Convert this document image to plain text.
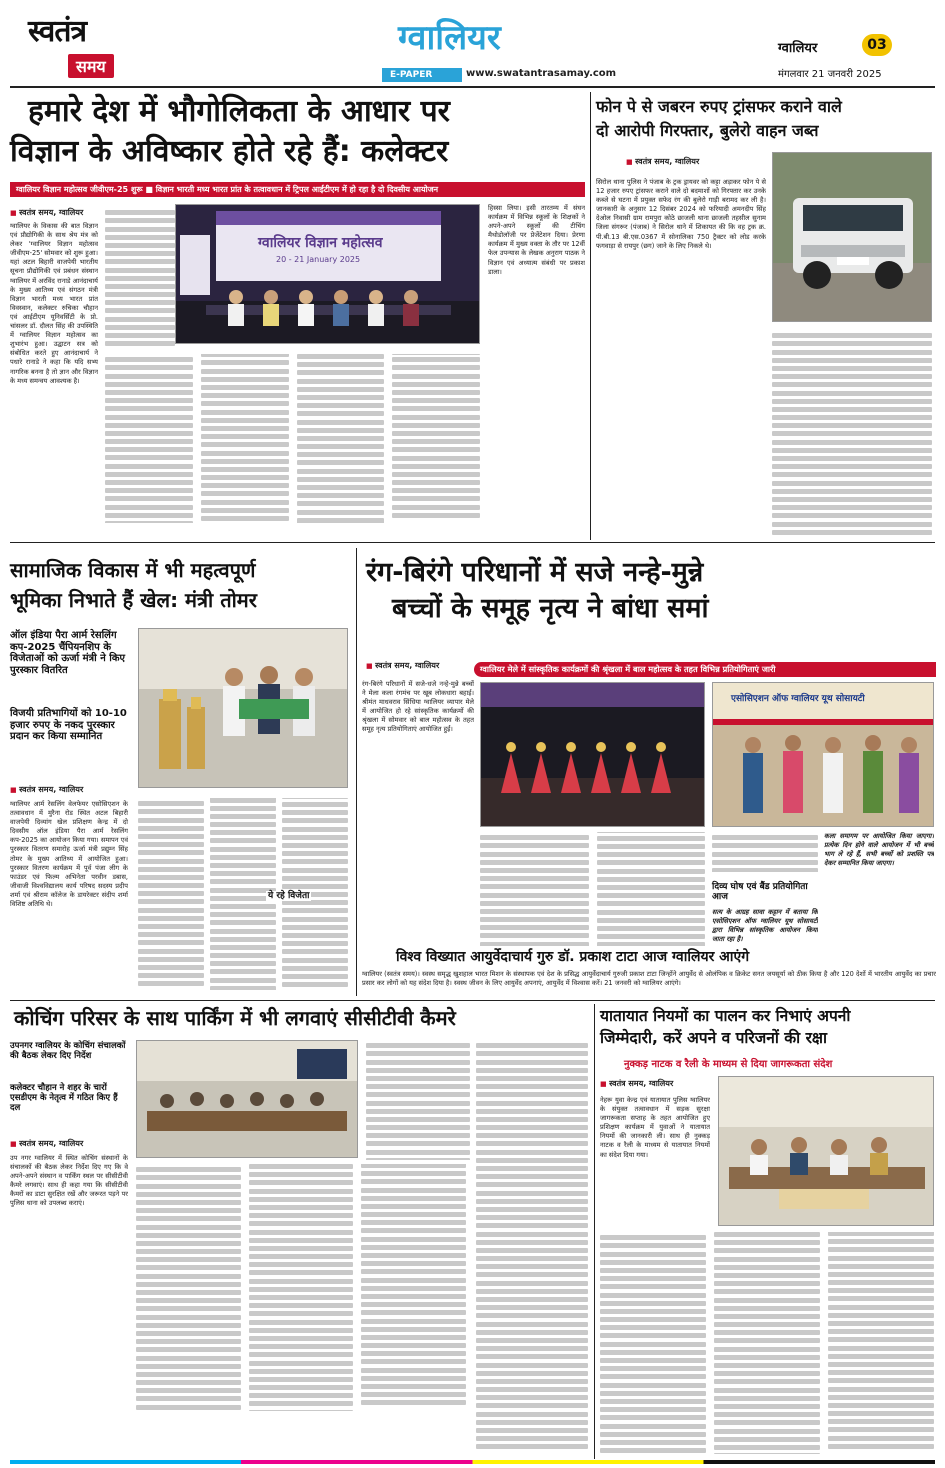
स्वतंत्र
समय
ग्वालियर
E-PAPER	www.swatantrasamay.com
ग्वालियर	03
मंगलवार 21 जनवरी 2025
हमारे देश में भौगोलिकता के आधार पर
विज्ञान के अविष्कार होते रहे हैं: कलेक्टर
ग्वालियर विज्ञान महोत्सव जीवीएम-25 शुरू ■ विज्ञान भारती मध्य भारत प्रांत के तत्वावधान में ट्रिपल आईटीएम में हो रहा है दो दिवसीय आयोजन
■ स्वतंत्र समय, ग्वालियर
ग्वालियर के विकास की बात विज्ञान एवं प्रौद्योगिकी के साथ श्रेय मंत्र को लेकर 'ग्वालियर विज्ञान महोत्सव जीवीएम-25' सोमवार को शुरू हुआ। यहां अटल बिहारी वाजपेयी भारतीय सूचना प्रौद्योगिकी एवं प्रबंधन संस्थान ग्वालियर में अरविंद रानाडे आनंदाचार्य के मुख्य आतिथ्य एवं संगठन मंत्री विज्ञान भारती मध्य भारत प्रांत विवस्वान, कलेक्टर रुचिका चौहान एवं आईटीएम यूनिवर्सिटी के प्रो. चांसलर डॉ. दौलत सिंह की उपस्थिति में ग्वालियर विज्ञान महोत्सव का शुभारंभ हुआ। उद्घाटन सत्र को संबोधित करते हुए आनंदाचार्य ने पधारे रानाडे ने कहा कि यदि सभ्य नागरिक बनना है तो ज्ञान और विज्ञान के मध्य समन्वय आवश्यक है।
ग्वालियर विज्ञान महोत्सव
20 - 21 January 2025
हिस्सा लिया। इसी तारतम्य में संघन कार्यक्रम में विभिन्न स्कूलों के शिक्षकों ने अपने-अपने स्कूलों की टीचिंग मैथोडोलॉजी पर प्रेजेंटेशन दिया। प्रेरणा कार्यक्रम में मुख्य वक्ता के तौर पर 12वीं फेल उपन्यास के लेखक अनुराग पाठक ने विज्ञान एवं अध्यात्म संबंधी पर प्रकाश डाला।
फोन पे से जबरन रुपए ट्रांसफर कराने वाले
दो आरोपी गिरफ्तार, बुलेरो वाहन जब्त
■ स्वतंत्र समय, ग्वालियर
सिरोल थाना पुलिस ने पंजाब के ट्रक ड्रायवर को कट्टा अड़ाकर फोन पे से 12 हजार रुपए ट्रांसफर कराने वाले दो बदमाशों को गिरफ्तार कर उनके कब्जे से घटना में प्रयुक्त सफेद रंग की बुलेरो गाड़ी बरामद कर ली है। जानकारी के अनुसार 12 दिसंबर 2024 को फरियादी अमनदीप सिंह देओल निवासी ग्राम रामपुरा कोठे छाजली थाना छाजली तहसील सुनाम जिला संगरूर (पंजाब) ने सिरोल थाने में शिकायत की कि वह ट्रक क्र. पी.बी.13 बी.एस.0367 में सोनालिका 750 ट्रैक्टर को लोड करके फगवाड़ा से रायपुर (छग) जाने के लिए निकले थे।
सामाजिक विकास में भी महत्वपूर्ण
भूमिका निभाते हैं खेल: मंत्री तोमर
ऑल इंडिया पैरा आर्म रेसलिंग कप-2025 चैंपियनशिप के विजेताओं को ऊर्जा मंत्री ने किए पुरस्कार वितरित
विजयी प्रतिभागियों को 10-10 हजार रुपए के नकद पुरस्कार प्रदान कर किया सम्मानित
■ स्वतंत्र समय, ग्वालियर
ग्वालियर आर्म रेसलिंग वेलफेयर एसोसिएशन के तत्वावधान में मुरैना रोड स्थित अटल बिहारी वाजपेयी दिव्यांग खेल प्रशिक्षण केन्द्र में दो दिवसीय ऑल इंडिया पैरा आर्म रेसलिंग कप-2025 का आयोजन किया गया। समापन एवं पुरस्कार वितरण समारोह ऊर्जा मंत्री प्रद्युम्न सिंह तोमर के मुख्य आतिथ्य में आयोजित हुआ। पुरस्कार वितरण कार्यक्रम में पूर्व पंजा लीग के फाउंडर एवं फिल्म अभिनेता परवीन डबास, जीवाजी विश्वविद्यालय कार्य परिषद सदस्य प्रदीप शर्मा एवं श्रीराम कॉलेज के डायरेक्टर संदीप शर्मा विशिष्ट अतिथि थे।
ये रहे विजेता
रंग-बिरंगे परिधानों में सजे नन्हे-मुन्ने
बच्चों के समूह नृत्य ने बांधा समां
■ स्वतंत्र समय, ग्वालियर	ग्वालियर मेले में सांस्कृतिक कार्यक्रमों की श्रृंखला में बाल महोत्सव के तहत विभिन्न प्रतियोगिताएं जारी
रंग-बिरंगे परिधानों में सजे-धजे नन्हे-मुन्ने बच्चों ने मेला कला रंगमंच पर खूब लोकधारा बहाई। श्रीमंत माधवराव सिंधिया ग्वालियर व्यापार मेले में आयोजित हो रहे सांस्कृतिक कार्यक्रमों की श्रृंखला में सोमवार को बाल महोत्सव के तहत समूह नृत्य प्रतियोगिताएं आयोजित हुईं।
एसोसिएशन ऑफ ग्वालियर यूथ सोसायटी
दिव्य घोष एवं बैंड प्रतियोगिता आज
सत्य के आग्रह सावा कट्टान में बताया कि एसोसिएशन ऑफ ग्वालियर यूथ सोसायटी द्वारा विभिन्न सांस्कृतिक आयोजन किया जाता रहा है।
कला समागम पर आयोजित किया जाएगा। प्रत्येक दिन होने वाले आयोजन में भी बच्चे भाग ले रहे हैं, सभी बच्चों को प्रशस्ति पत्र देकर सम्मानित किया जाएगा।
विश्व विख्यात आयुर्वेदाचार्य गुरु डॉ. प्रकाश टाटा आज ग्वालियर आएंगे
ग्वालियर (स्वतंत्र समय)। स्वस्थ समृद्ध खुशहाल भारत मिशन के संस्थापक एवं देश के प्रसिद्ध आयुर्वेदाचार्य गुरुजी प्रकाश टाटा जिन्होंने आयुर्वेद से ओलंपिक व क्रिकेट सनत जयसूर्या को ठीक किया है और 120 देशों में भारतीय आयुर्वेद का प्रचार प्रसार कर लोगों को यह संदेश दिया है। स्वस्थ जीवन के लिए आयुर्वेद अपनाएं, आयुर्वेद में विश्वास करें। 21 जनवरी को ग्वालियर आएंगे।
कोचिंग परिसर के साथ पार्किंग में भी लगवाएं सीसीटीवी कैमरे
उपनगर ग्वालियर के कोचिंग संचालकों की बैठक लेकर दिए निर्देश
कलेक्टर चौहान ने शहर के चारों एसडीएम के नेतृत्व में गठित किए हैं दल
■ स्वतंत्र समय, ग्वालियर
उप नगर ग्वालियर में स्थित कोचिंग संस्थानों के संचालकों की बैठक लेकर निर्देश दिए गए कि वे अपने-अपने संस्थान व पार्किंग स्थल पर सीसीटीवी कैमरे लगवाएं। साथ ही कहा गया कि सीसीटीवी कैमरों का डाटा सुरक्षित रखें और जरूरत पड़ने पर पुलिस थाना को उपलब्ध कराएं।
यातायात नियमों का पालन कर निभाएं अपनी
जिम्मेदारी, करें अपने व परिजनों की रक्षा
नुक्कड़ नाटक व रैली के माध्यम से दिया जागरूकता संदेश
■ स्वतंत्र समय, ग्वालियर
नेहरू युवा केन्द्र एवं यातायात पुलिस ग्वालियर के संयुक्त तत्वावधान में सड़क सुरक्षा जागरूकता सप्ताह के तहत आयोजित हुए प्रशिक्षण कार्यक्रम में युवाओं ने यातायात नियमों की जानकारी ली। साथ ही नुक्कड़ नाटक व रैली के माध्यम से यातायात नियमों का संदेश दिया गया।
